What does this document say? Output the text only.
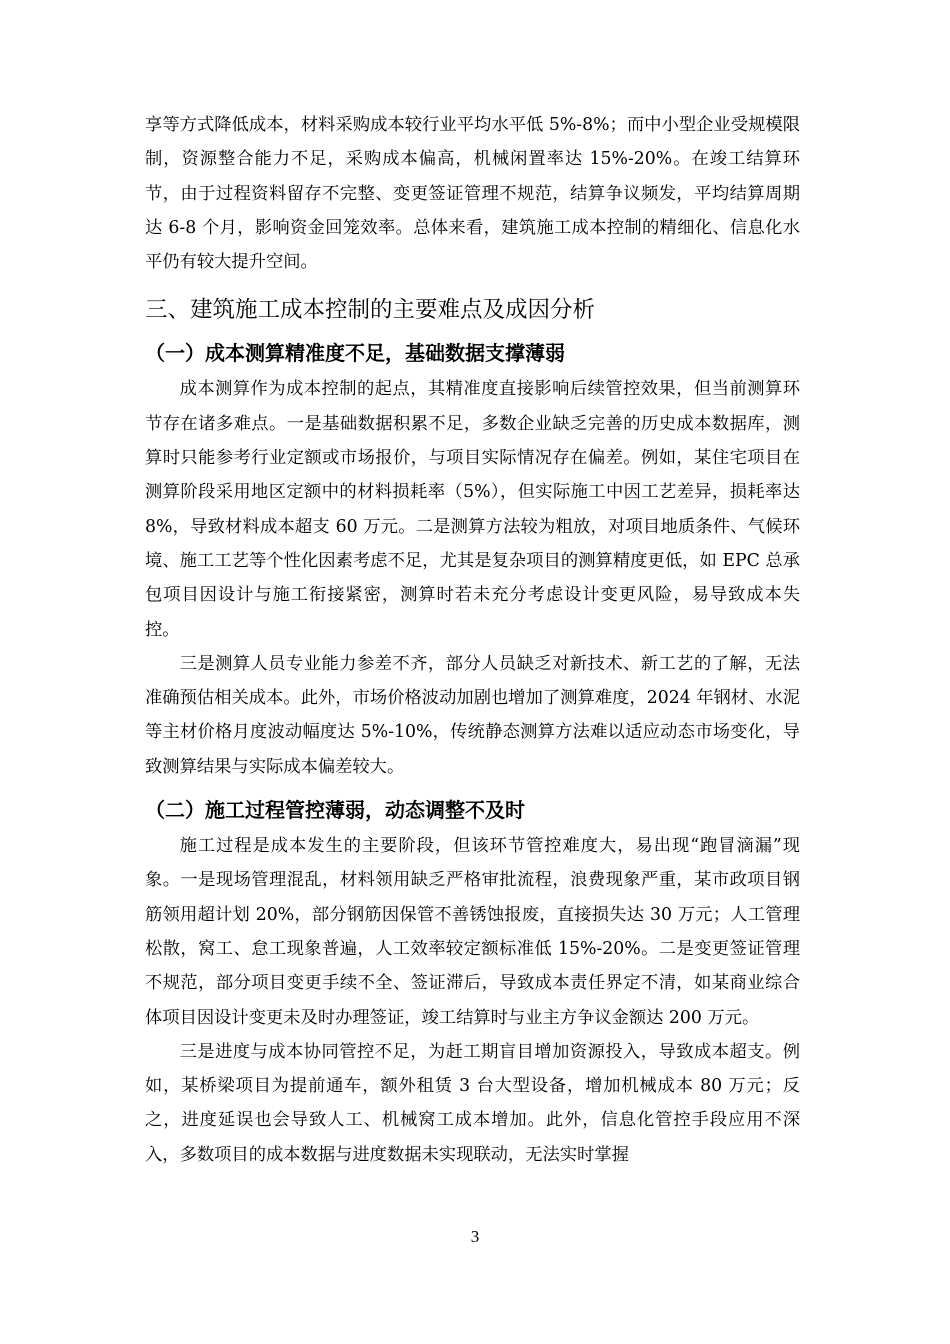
享等方式降低成本，材料采购成本较行业平均水平低 5%-8%；而中小型企业受规模限制，资源整合能力不足，采购成本偏高，机械闲置率达 15%-20%。在竣工结算环节，由于过程资料留存不完整、变更签证管理不规范，结算争议频发，平均结算周期达 6-8 个月，影响资金回笼效率。总体来看，建筑施工成本控制的精细化、信息化水平仍有较大提升空间。

三、建筑施工成本控制的主要难点及成因分析
（一）成本测算精准度不足，基础数据支撑薄弱

成本测算作为成本控制的起点，其精准度直接影响后续管控效果，但当前测算环节存在诸多难点。一是基础数据积累不足，多数企业缺乏完善的历史成本数据库，测算时只能参考行业定额或市场报价，与项目实际情况存在偏差。例如，某住宅项目在测算阶段采用地区定额中的材料损耗率（5%），但实际施工中因工艺差异，损耗率达 8%，导致材料成本超支 60 万元。二是测算方法较为粗放，对项目地质条件、气候环境、施工工艺等个性化因素考虑不足，尤其是复杂项目的测算精度更低，如 EPC 总承包项目因设计与施工衔接紧密，测算时若未充分考虑设计变更风险，易导致成本失控。

三是测算人员专业能力参差不齐，部分人员缺乏对新技术、新工艺的了解，无法准确预估相关成本。此外，市场价格波动加剧也增加了测算难度，2024 年钢材、水泥等主材价格月度波动幅度达 5%-10%，传统静态测算方法难以适应动态市场变化，导致测算结果与实际成本偏差较大。

（二）施工过程管控薄弱，动态调整不及时

施工过程是成本发生的主要阶段，但该环节管控难度大，易出现“跑冒滴漏”现象。一是现场管理混乱，材料领用缺乏严格审批流程，浪费现象严重，某市政项目钢筋领用超计划 20%，部分钢筋因保管不善锈蚀报废，直接损失达 30 万元；人工管理松散，窝工、怠工现象普遍，人工效率较定额标准低 15%-20%。二是变更签证管理不规范，部分项目变更手续不全、签证滞后，导致成本责任界定不清，如某商业综合体项目因设计变更未及时办理签证，竣工结算时与业主方争议金额达 200 万元。

三是进度与成本协同管控不足，为赶工期盲目增加资源投入，导致成本超支。例如，某桥梁项目为提前通车，额外租赁 3 台大型设备，增加机械成本 80 万元；反之，进度延误也会导致人工、机械窝工成本增加。此外，信息化管控手段应用不深入，多数项目的成本数据与进度数据未实现联动，无法实时掌握

3
